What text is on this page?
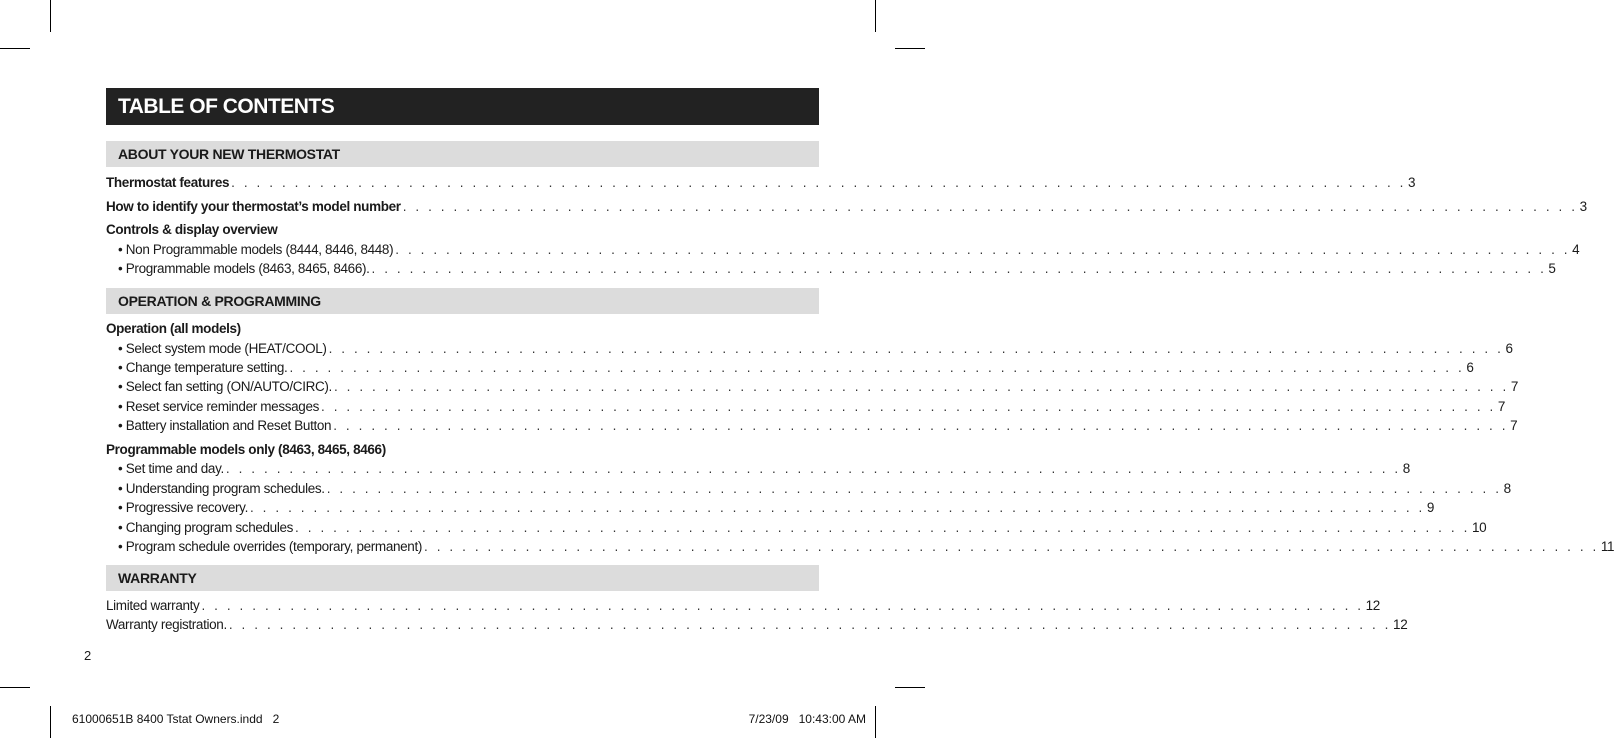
TABLE OF CONTENTS
ABOUT YOUR NEW THERMOSTAT
Thermostat features . . . . . . . . . . . . . . . . . . . . . . . . . . . . . . . . . . . . . . . . . . . . . . . . . . . . . . . . . . . . . . . . . . . . . . . . . . . . . . . . . . . . . . . . . . . . . 3
How to identify your thermostat’s model number . . . . . . . . . . . . . . . . . . . . . . . . . . . . . . . . . . . . . . . . . . . . . . . . . . . . . . . . . . . . . . . . . . . . . . . . . . . . . . . . . . . . . . . . . . . . . 3
Controls & display overview
• Non Programmable models (8444, 8446, 8448) . . . . . . . . . . . . . . . . . . . . . . . . . . . . . . . . . . . . . . . . . . . . . . . . . . . . . . . . . . . . . . . . . . . . . . . . . . . . . . . . . . . . . . . . . . . . . 4
• Programmable models (8463, 8465, 8466). . . . . . . . . . . . . . . . . . . . . . . . . . . . . . . . . . . . . . . . . . . . . . . . . . . . . . . . . . . . . . . . . . . . . . . . . . . . . . . . . . . . . . . . . . . . . . 5
OPERATION & PROGRAMMING
Operation (all models)
• Select system mode (HEAT/COOL) . . . . . . . . . . . . . . . . . . . . . . . . . . . . . . . . . . . . . . . . . . . . . . . . . . . . . . . . . . . . . . . . . . . . . . . . . . . . . . . . . . . . . . . . . . . . . 6
• Change temperature setting. . . . . . . . . . . . . . . . . . . . . . . . . . . . . . . . . . . . . . . . . . . . . . . . . . . . . . . . . . . . . . . . . . . . . . . . . . . . . . . . . . . . . . . . . . . . . . 6
• Select fan setting (ON/AUTO/CIRC). . . . . . . . . . . . . . . . . . . . . . . . . . . . . . . . . . . . . . . . . . . . . . . . . . . . . . . . . . . . . . . . . . . . . . . . . . . . . . . . . . . . . . . . . . . . . . 7
• Reset service reminder messages . . . . . . . . . . . . . . . . . . . . . . . . . . . . . . . . . . . . . . . . . . . . . . . . . . . . . . . . . . . . . . . . . . . . . . . . . . . . . . . . . . . . . . . . . . . . . 7
• Battery installation and Reset Button . . . . . . . . . . . . . . . . . . . . . . . . . . . . . . . . . . . . . . . . . . . . . . . . . . . . . . . . . . . . . . . . . . . . . . . . . . . . . . . . . . . . . . . . . . . . . 7
Programmable models only (8463, 8465, 8466)
• Set time and day. . . . . . . . . . . . . . . . . . . . . . . . . . . . . . . . . . . . . . . . . . . . . . . . . . . . . . . . . . . . . . . . . . . . . . . . . . . . . . . . . . . . . . . . . . . . . . 8
• Understanding program schedules. . . . . . . . . . . . . . . . . . . . . . . . . . . . . . . . . . . . . . . . . . . . . . . . . . . . . . . . . . . . . . . . . . . . . . . . . . . . . . . . . . . . . . . . . . . . . . 8
• Progressive recovery. . . . . . . . . . . . . . . . . . . . . . . . . . . . . . . . . . . . . . . . . . . . . . . . . . . . . . . . . . . . . . . . . . . . . . . . . . . . . . . . . . . . . . . . . . . . . . 9
• Changing program schedules . . . . . . . . . . . . . . . . . . . . . . . . . . . . . . . . . . . . . . . . . . . . . . . . . . . . . . . . . . . . . . . . . . . . . . . . . . . . . . . . . . . . . . . . . . . . . 10
• Program schedule overrides (temporary, permanent) . . . . . . . . . . . . . . . . . . . . . . . . . . . . . . . . . . . . . . . . . . . . . . . . . . . . . . . . . . . . . . . . . . . . . . . . . . . . . . . . . . . . . . . . . . . . . 11
WARRANTY
Limited warranty . . . . . . . . . . . . . . . . . . . . . . . . . . . . . . . . . . . . . . . . . . . . . . . . . . . . . . . . . . . . . . . . . . . . . . . . . . . . . . . . . . . . . . . . . . . . 12
Warranty registration. . . . . . . . . . . . . . . . . . . . . . . . . . . . . . . . . . . . . . . . . . . . . . . . . . . . . . . . . . . . . . . . . . . . . . . . . . . . . . . . . . . . . . . . . . . . . 12
2
61000651B 8400 Tstat Owners.indd   2	7/23/09   10:43:00 AM
